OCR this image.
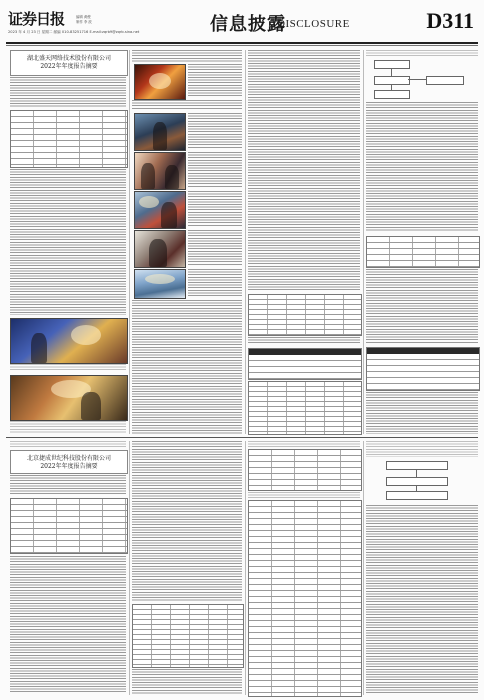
证券日报	编辑 黄俊
制作 李 波
2023 年 4 月 23 日 星期二 邮编 010-83251716 E-mail:zqrb9@zqrb.sina.net	信息披露
DISCLOSURE	D311
湖北盛天网络技术股份有限公司
2022年年度报告摘要
北京捷成世纪科技股份有限公司
2022年年度报告摘要
